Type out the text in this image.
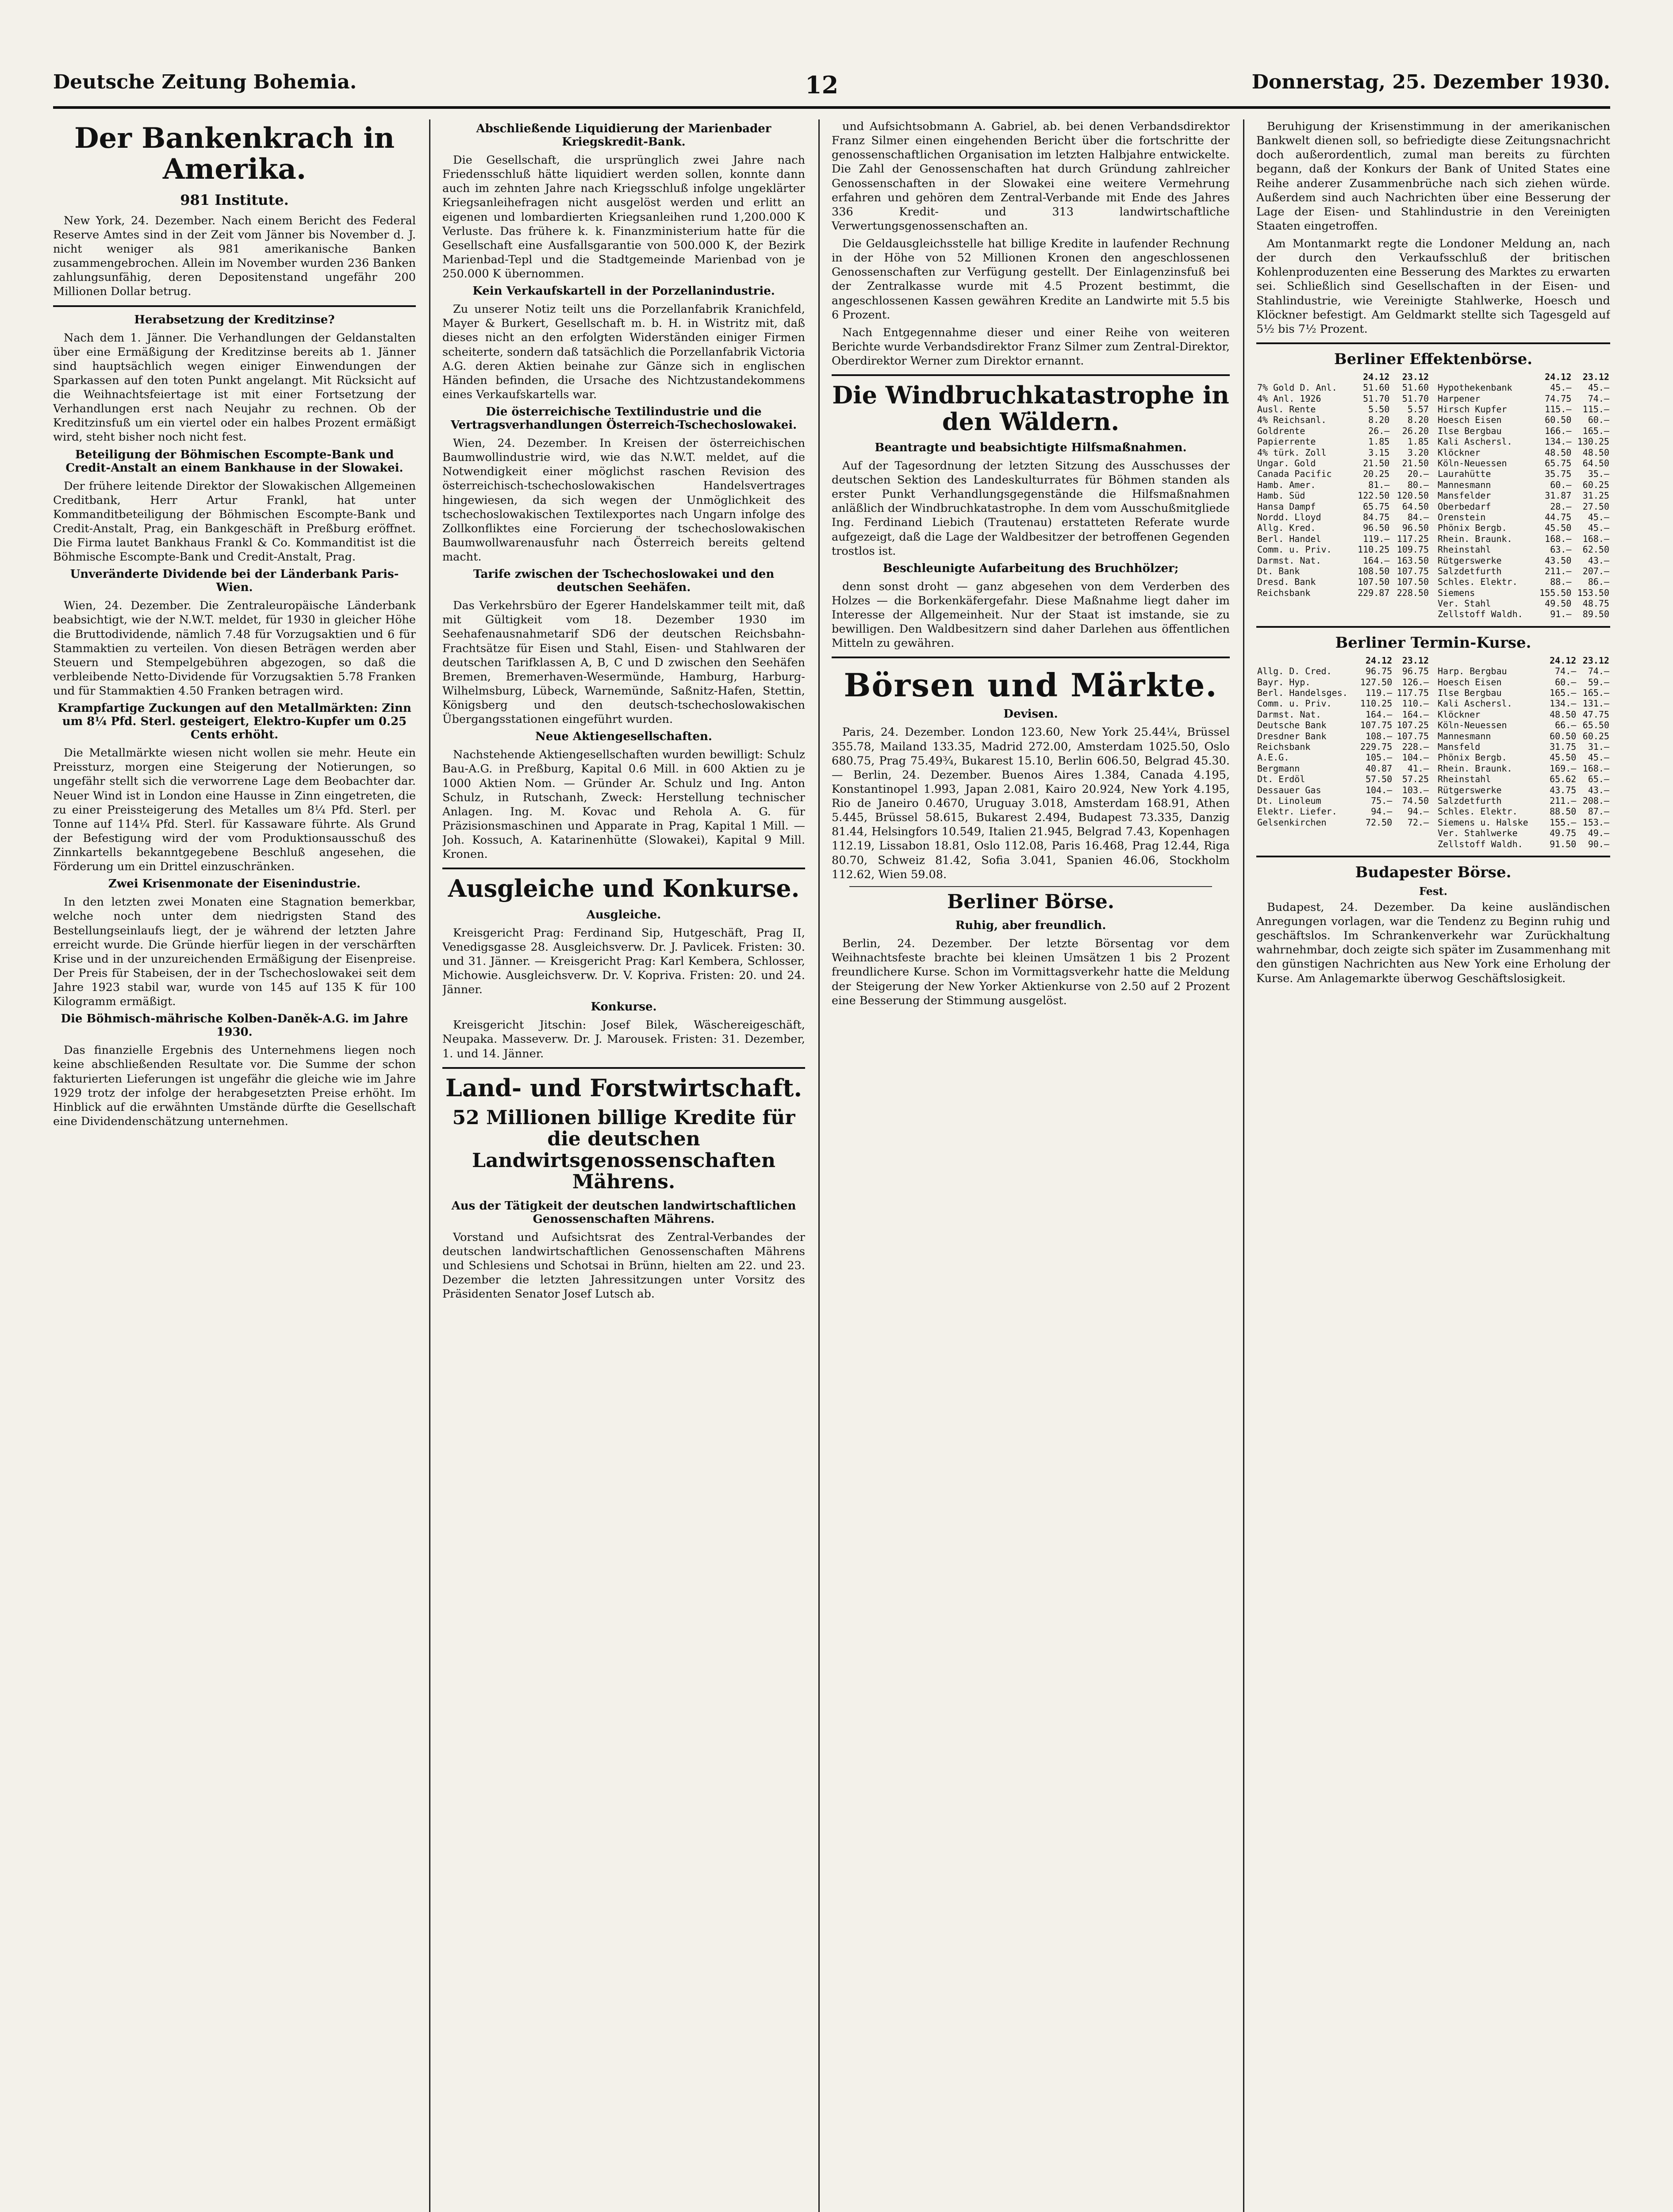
Deutsche Zeitung Bohemia.	12	Donnerstag, 25. Dezember 1930.
Der Bankenkrach in Amerika.
981 Institute.

New York, 24. Dezember. Nach einem Bericht des Federal Reserve Amtes sind in der Zeit vom Jänner bis November d. J. nicht weniger als 981 amerikanische Banken zusammengebrochen. Allein im November wurden 236 Banken zahlungsunfähig, deren Depositenstand ungefähr 200 Millionen Dollar betrug.

Herabsetzung der Kreditzinse?

Nach dem 1. Jänner. Die Verhandlungen der Geldanstalten über eine Ermäßigung der Kreditzinse bereits ab 1. Jänner sind hauptsächlich wegen einiger Einwendungen der Sparkassen auf den toten Punkt angelangt. Mit Rücksicht auf die Weihnachtsfeiertage ist mit einer Fortsetzung der Verhandlungen erst nach Neujahr zu rechnen. Ob der Kreditzinsfuß um ein viertel oder ein halbes Prozent ermäßigt wird, steht bisher noch nicht fest.

Beteiligung der Böhmischen Escompte-Bank und Credit-Anstalt an einem Bankhause in der Slowakei.

Der frühere leitende Direktor der Slowakischen Allgemeinen Creditbank, Herr Artur Frankl, hat unter Kommanditbeteiligung der Böhmischen Escompte-Bank und Credit-Anstalt, Prag, ein Bankgeschäft in Preßburg eröffnet. Die Firma lautet Bankhaus Frankl & Co. Kommanditist ist die Böhmische Escompte-Bank und Credit-Anstalt, Prag.

Unveränderte Dividende bei der Länderbank Paris-Wien.

Wien, 24. Dezember. Die Zentraleuropäische Länderbank beabsichtigt, wie der N.W.T. meldet, für 1930 in gleicher Höhe die Bruttodividende, nämlich 7.48 für Vorzugsaktien und 6 für Stammaktien zu verteilen. Von diesen Beträgen werden aber Steuern und Stempelgebühren abgezogen, so daß die verbleibende Netto-Dividende für Vorzugsaktien 5.78 Franken und für Stammaktien 4.50 Franken betragen wird.

Krampfartige Zuckungen auf den Metallmärkten: Zinn um 8¼ Pfd. Sterl. gesteigert, Elektro-Kupfer um 0.25 Cents erhöht.

Die Metallmärkte wiesen nicht wollen sie mehr. Heute ein Preissturz, morgen eine Steigerung der Notierungen, so ungefähr stellt sich die verworrene Lage dem Beobachter dar. Neuer Wind ist in London eine Hausse in Zinn eingetreten, die zu einer Preissteigerung des Metalles um 8¼ Pfd. Sterl. per Tonne auf 114¼ Pfd. Sterl. für Kassaware führte. Als Grund der Befestigung wird der vom Produktionsausschuß des Zinnkartells bekanntgegebene Beschluß angesehen, die Förderung um ein Drittel einzuschränken.

Zwei Krisenmonate der Eisenindustrie.

In den letzten zwei Monaten eine Stagnation bemerkbar, welche noch unter dem niedrigsten Stand des Bestellungseinlaufs liegt, der je während der letzten Jahre erreicht wurde. Die Gründe hierfür liegen in der verschärften Krise und in der unzureichenden Ermäßigung der Eisenpreise. Der Preis für Stabeisen, der in der Tschechoslowakei seit dem Jahre 1923 stabil war, wurde von 145 auf 135 K für 100 Kilogramm ermäßigt.

Die Böhmisch-mährische Kolben-Daněk-A.G. im Jahre 1930.

Das finanzielle Ergebnis des Unternehmens liegen noch keine abschließenden Resultate vor. Die Summe der schon fakturierten Lieferungen ist ungefähr die gleiche wie im Jahre 1929 trotz der infolge der herabgesetzten Preise erhöht. Im Hinblick auf die erwähnten Umstände dürfte die Gesellschaft eine Dividendenschätzung unternehmen.

Abschließende Liquidierung der Marienbader Kriegskredit-Bank.

Die Gesellschaft, die ursprünglich zwei Jahre nach Friedensschluß hätte liquidiert werden sollen, konnte dann auch im zehnten Jahre nach Kriegsschluß infolge ungeklärter Kriegsanleihefragen nicht ausgelöst werden und erlitt an eigenen und lombardierten Kriegsanleihen rund 1,200.000 K Verluste. Das frühere k. k. Finanzministerium hatte für die Gesellschaft eine Ausfallsgarantie von 500.000 K, der Bezirk Marienbad-Tepl und die Stadtgemeinde Marienbad von je 250.000 K übernommen.

Kein Verkaufskartell in der Porzellanindustrie.

Zu unserer Notiz teilt uns die Porzellanfabrik Kranichfeld, Mayer & Burkert, Gesellschaft m. b. H. in Wistritz mit, daß dieses nicht an den erfolgten Widerständen einiger Firmen scheiterte, sondern daß tatsächlich die Porzellanfabrik Victoria A.G. deren Aktien beinahe zur Gänze sich in englischen Händen befinden, die Ursache des Nichtzustandekommens eines Verkaufskartells war.

Die österreichische Textilindustrie und die Vertragsverhandlungen Österreich-Tschechoslowakei.

Wien, 24. Dezember. In Kreisen der österreichischen Baumwollindustrie wird, wie das N.W.T. meldet, auf die Notwendigkeit einer möglichst raschen Revision des österreichisch-tschechoslowakischen Handelsvertrages hingewiesen, da sich wegen der Unmöglichkeit des tschechoslowakischen Textilexportes nach Ungarn infolge des Zollkonfliktes eine Forcierung der tschechoslowakischen Baumwollwarenausfuhr nach Österreich bereits geltend macht.

Tarife zwischen der Tschechoslowakei und den deutschen Seehäfen.

Das Verkehrsbüro der Egerer Handelskammer teilt mit, daß mit Gültigkeit vom 18. Dezember 1930 im Seehafenausnahmetarif SD6 der deutschen Reichsbahn-Frachtsätze für Eisen und Stahl, Eisen- und Stahlwaren der deutschen Tarifklassen A, B, C und D zwischen den Seehäfen Bremen, Bremerhaven-Wesermünde, Hamburg, Harburg-Wilhelmsburg, Lübeck, Warnemünde, Saßnitz-Hafen, Stettin, Königsberg und den deutsch-tschechoslowakischen Übergangsstationen eingeführt wurden.

Neue Aktiengesellschaften.

Nachstehende Aktiengesellschaften wurden bewilligt: Schulz Bau-A.G. in Preßburg, Kapital 0.6 Mill. in 600 Aktien zu je 1000 Aktien Nom. — Gründer Ar. Schulz und Ing. Anton Schulz, in Rutschanh, Zweck: Herstellung technischer Anlagen. Ing. M. Kovac und Rehola A. G. für Präzisionsmaschinen und Apparate in Prag, Kapital 1 Mill. — Joh. Kossuch, A. Katarinenhütte (Slowakei), Kapital 9 Mill. Kronen.

Ausgleiche und Konkurse.
Ausgleiche.

Kreisgericht Prag: Ferdinand Sip, Hutgeschäft, Prag II, Venedigsgasse 28. Ausgleichsverw. Dr. J. Pavlicek. Fristen: 30. und 31. Jänner. — Kreisgericht Prag: Karl Kembera, Schlosser, Michowie. Ausgleichsverw. Dr. V. Kopriva. Fristen: 20. und 24. Jänner.

Konkurse.

Kreisgericht Jitschin: Josef Bilek, Wäschereigeschäft, Neupaka. Masseverw. Dr. J. Marousek. Fristen: 31. Dezember, 1. und 14. Jänner.

Land- und Forstwirtschaft.
52 Millionen billige Kredite für die deutschen Landwirtsgenossenschaften Mährens.
Aus der Tätigkeit der deutschen landwirtschaftlichen Genossenschaften Mährens.

Vorstand und Aufsichtsrat des Zentral-Verbandes der deutschen landwirtschaftlichen Genossenschaften Mährens und Schlesiens und Schotsai in Brünn, hielten am 22. und 23. Dezember die letzten Jahressitzungen unter Vorsitz des Präsidenten Senator Josef Lutsch ab.

und Aufsichtsobmann A. Gabriel, ab. bei denen Verbandsdirektor Franz Silmer einen eingehenden Bericht über die fortschritte der genossenschaftlichen Organisation im letzten Halbjahre entwickelte. Die Zahl der Genossenschaften hat durch Gründung zahlreicher Genossenschaften in der Slowakei eine weitere Vermehrung erfahren und gehören dem Zentral-Verbande mit Ende des Jahres 336 Kredit- und 313 landwirtschaftliche Verwertungsgenossenschaften an.

Die Geldausgleichsstelle hat billige Kredite in laufender Rechnung in der Höhe von 52 Millionen Kronen den angeschlossenen Genossenschaften zur Verfügung gestellt. Der Einlagenzinsfuß bei der Zentralkasse wurde mit 4.5 Prozent bestimmt, die angeschlossenen Kassen gewähren Kredite an Landwirte mit 5.5 bis 6 Prozent.

Nach Entgegennahme dieser und einer Reihe von weiteren Berichte wurde Verbandsdirektor Franz Silmer zum Zentral-Direktor, Oberdirektor Werner zum Direktor ernannt.

Die Windbruchkatastrophe in den Wäldern.
Beantragte und beabsichtigte Hilfsmaßnahmen.

Auf der Tagesordnung der letzten Sitzung des Ausschusses der deutschen Sektion des Landeskulturrates für Böhmen standen als erster Punkt Verhandlungsgegenstände die Hilfsmaßnahmen anläßlich der Windbruchkatastrophe. In dem vom Ausschußmitgliede Ing. Ferdinand Liebich (Trautenau) erstatteten Referate wurde aufgezeigt, daß die Lage der Waldbesitzer der betroffenen Gegenden trostlos ist.

Beschleunigte Aufarbeitung des Bruchhölzer;

denn sonst droht — ganz abgesehen von dem Verderben des Holzes — die Borkenkäfergefahr. Diese Maßnahme liegt daher im Interesse der Allgemeinheit. Nur der Staat ist imstande, sie zu bewilligen. Den Waldbesitzern sind daher Darlehen aus öffentlichen Mitteln zu gewähren.

Börsen und Märkte.
Devisen.

Paris, 24. Dezember. London 123.60, New York 25.44¼, Brüssel 355.78, Mailand 133.35, Madrid 272.00, Amsterdam 1025.50, Oslo 680.75, Prag 75.49¾, Bukarest 15.10, Berlin 606.50, Belgrad 45.30. — Berlin, 24. Dezember. Buenos Aires 1.384, Canada 4.195, Konstantinopel 1.993, Japan 2.081, Kairo 20.924, New York 4.195, Rio de Janeiro 0.4670, Uruguay 3.018, Amsterdam 168.91, Athen 5.445, Brüssel 58.615, Bukarest 2.494, Budapest 73.335, Danzig 81.44, Helsingfors 10.549, Italien 21.945, Belgrad 7.43, Kopenhagen 112.19, Lissabon 18.81, Oslo 112.08, Paris 16.468, Prag 12.44, Riga 80.70, Schweiz 81.42, Sofia 3.041, Spanien 46.06, Stockholm 112.62, Wien 59.08.

Berliner Börse.
Ruhig, aber freundlich.

Berlin, 24. Dezember. Der letzte Börsentag vor dem Weihnachtsfeste brachte bei kleinen Umsätzen 1 bis 2 Prozent freundlichere Kurse. Schon im Vormittagsverkehr hatte die Meldung der Steigerung der New Yorker Aktienkurse von 2.50 auf 2 Prozent eine Besserung der Stimmung ausgelöst.

Beruhigung der Krisenstimmung in der amerikanischen Bankwelt dienen soll, so befriedigte diese Zeitungsnachricht doch außerordentlich, zumal man bereits zu fürchten begann, daß der Konkurs der Bank of United States eine Reihe anderer Zusammenbrüche nach sich ziehen würde. Außerdem sind auch Nachrichten über eine Besserung der Lage der Eisen- und Stahlindustrie in den Vereinigten Staaten eingetroffen.

Am Montanmarkt regte die Londoner Meldung an, nach der durch den Verkaufsschluß der britischen Kohlenproduzenten eine Besserung des Marktes zu erwarten sei. Schließlich sind Gesellschaften in der Eisen- und Stahlindustrie, wie Vereinigte Stahlwerke, Hoesch und Klöckner befestigt. Am Geldmarkt stellte sich Tagesgeld auf 5½ bis 7½ Prozent.

Berliner Effektenbörse.
	24.12	23.12
7% Gold D. Anl.	51.60	51.60
4% Anl. 1926	51.70	51.70
Ausl. Rente	5.50	5.57
4% Reichsanl.	8.20	8.20
Goldrente	26.—	26.20
Papierrente	1.85	1.85
4% türk. Zoll	3.15	3.20
Ungar. Gold	21.50	21.50
Canada Pacific	20.25	20.—
Hamb. Amer.	81.—	80.—
Hamb. Süd	122.50	120.50
Hansa Dampf	65.75	64.50
Nordd. Lloyd	84.75	84.—
Allg. Kred.	96.50	96.50
Berl. Handel	119.—	117.25
Comm. u. Priv.	110.25	109.75
Darmst. Nat.	164.—	163.50
Dt. Bank	108.50	107.75
Dresd. Bank	107.50	107.50
Reichsbank	229.87	228.50
	24.12	23.12
Hypothekenbank	45.—	45.—
Harpener	74.75	74.—
Hirsch Kupfer	115.—	115.—
Hoesch Eisen	60.50	60.—
Ilse Bergbau	166.—	165.—
Kali Aschersl.	134.—	130.25
Klöckner	48.50	48.50
Köln-Neuessen	65.75	64.50
Laurahütte	35.75	35.—
Mannesmann	60.—	60.25
Mansfelder	31.87	31.25
Oberbedarf	28.—	27.50
Orenstein	44.75	45.—
Phönix Bergb.	45.50	45.—
Rhein. Braunk.	168.—	168.—
Rheinstahl	63.—	62.50
Rütgerswerke	43.50	43.—
Salzdetfurth	211.—	207.—
Schles. Elektr.	88.—	86.—
Siemens	155.50	153.50
Ver. Stahl	49.50	48.75
Zellstoff Waldh.	91.—	89.50
Berliner Termin-Kurse.
	24.12	23.12
Allg. D. Cred.	96.75	96.75
Bayr. Hyp.	127.50	126.—
Berl. Handelsges.	119.—	117.75
Comm. u. Priv.	110.25	110.—
Darmst. Nat.	164.—	164.—
Deutsche Bank	107.75	107.25
Dresdner Bank	108.—	107.75
Reichsbank	229.75	228.—
A.E.G.	105.—	104.—
Bergmann	40.87	41.—
Dt. Erdöl	57.50	57.25
Dessauer Gas	104.—	103.—
Dt. Linoleum	75.—	74.50
Elektr. Liefer.	94.—	94.—
Gelsenkirchen	72.50	72.—
	24.12	23.12
Harp. Bergbau	74.—	74.—
Hoesch Eisen	60.—	59.—
Ilse Bergbau	165.—	165.—
Kali Aschersl.	134.—	131.—
Klöckner	48.50	47.75
Köln-Neuessen	66.—	65.50
Mannesmann	60.50	60.25
Mansfeld	31.75	31.—
Phönix Bergb.	45.50	45.—
Rhein. Braunk.	169.—	168.—
Rheinstahl	65.62	65.—
Rütgerswerke	43.75	43.—
Salzdetfurth	211.—	208.—
Schles. Elektr.	88.50	87.—
Siemens u. Halske	155.—	153.—
Ver. Stahlwerke	49.75	49.—
Zellstoff Waldh.	91.50	90.—
Budapester Börse.
Fest.

Budapest, 24. Dezember. Da keine ausländischen Anregungen vorlagen, war die Tendenz zu Beginn ruhig und geschäftslos. Im Schrankenverkehr war Zurückhaltung wahrnehmbar, doch zeigte sich später im Zusammenhang mit den günstigen Nachrichten aus New York eine Erholung der Kurse. Am Anlagemarkte überwog Geschäftslosigkeit.
